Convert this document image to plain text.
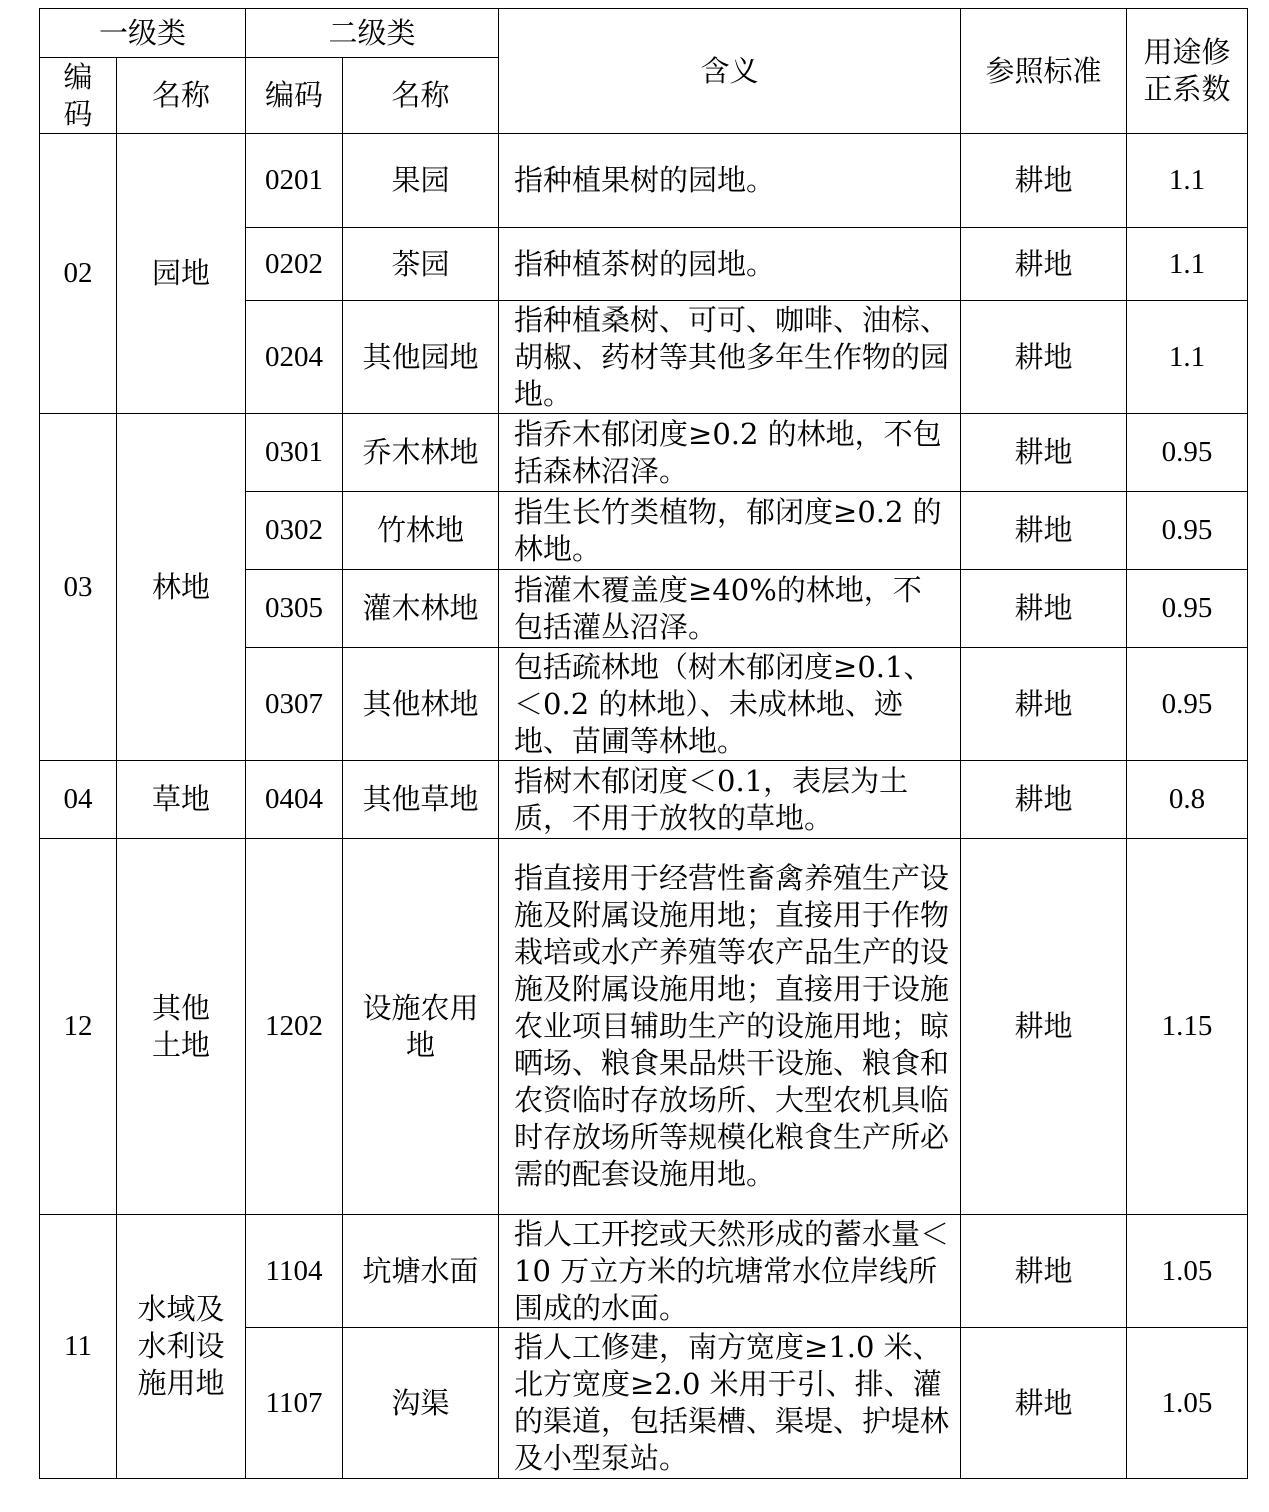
一级类		二级类		含义	参照标准	用途修正系数
编码	名称	编码	名称			
02	园地	0201	果园	指种植果树的园地。	耕地	1.1
		0202	茶园	指种植茶树的园地。	耕地	1.1
		0204	其他园地	指种植桑树、可可、咖啡、油棕、胡椒、药材等其他多年生作物的园地。	耕地	1.1
03	林地	0301	乔木林地	指乔木郁闭度≥0.2 的林地，不包括森林沼泽。	耕地	0.95
		0302	竹林地	指生长竹类植物，郁闭度≥0.2 的林地。	耕地	0.95
		0305	灌木林地	指灌木覆盖度≥40%的林地，不包括灌丛沼泽。	耕地	0.95
		0307	其他林地	包括疏林地（树木郁闭度≥0.1、＜0.2 的林地）、未成林地、迹地、苗圃等林地。	耕地	0.95
04	草地	0404	其他草地	指树木郁闭度＜0.1，表层为土质，不用于放牧的草地。	耕地	0.8
12	其他土地	1202	设施农用地	指直接用于经营性畜禽养殖生产设施及附属设施用地；直接用于作物栽培或水产养殖等农产品生产的设施及附属设施用地；直接用于设施农业项目辅助生产的设施用地；晾晒场、粮食果品烘干设施、粮食和农资临时存放场所、大型农机具临时存放场所等规模化粮食生产所必需的配套设施用地。	耕地	1.15
11	水域及水利设施用地	1104	坑塘水面	指人工开挖或天然形成的蓄水量＜10 万立方米的坑塘常水位岸线所围成的水面。	耕地	1.05
		1107	沟渠	指人工修建，南方宽度≥1.0 米、北方宽度≥2.0 米用于引、排、灌的渠道，包括渠槽、渠堤、护堤林及小型泵站。	耕地	1.05
